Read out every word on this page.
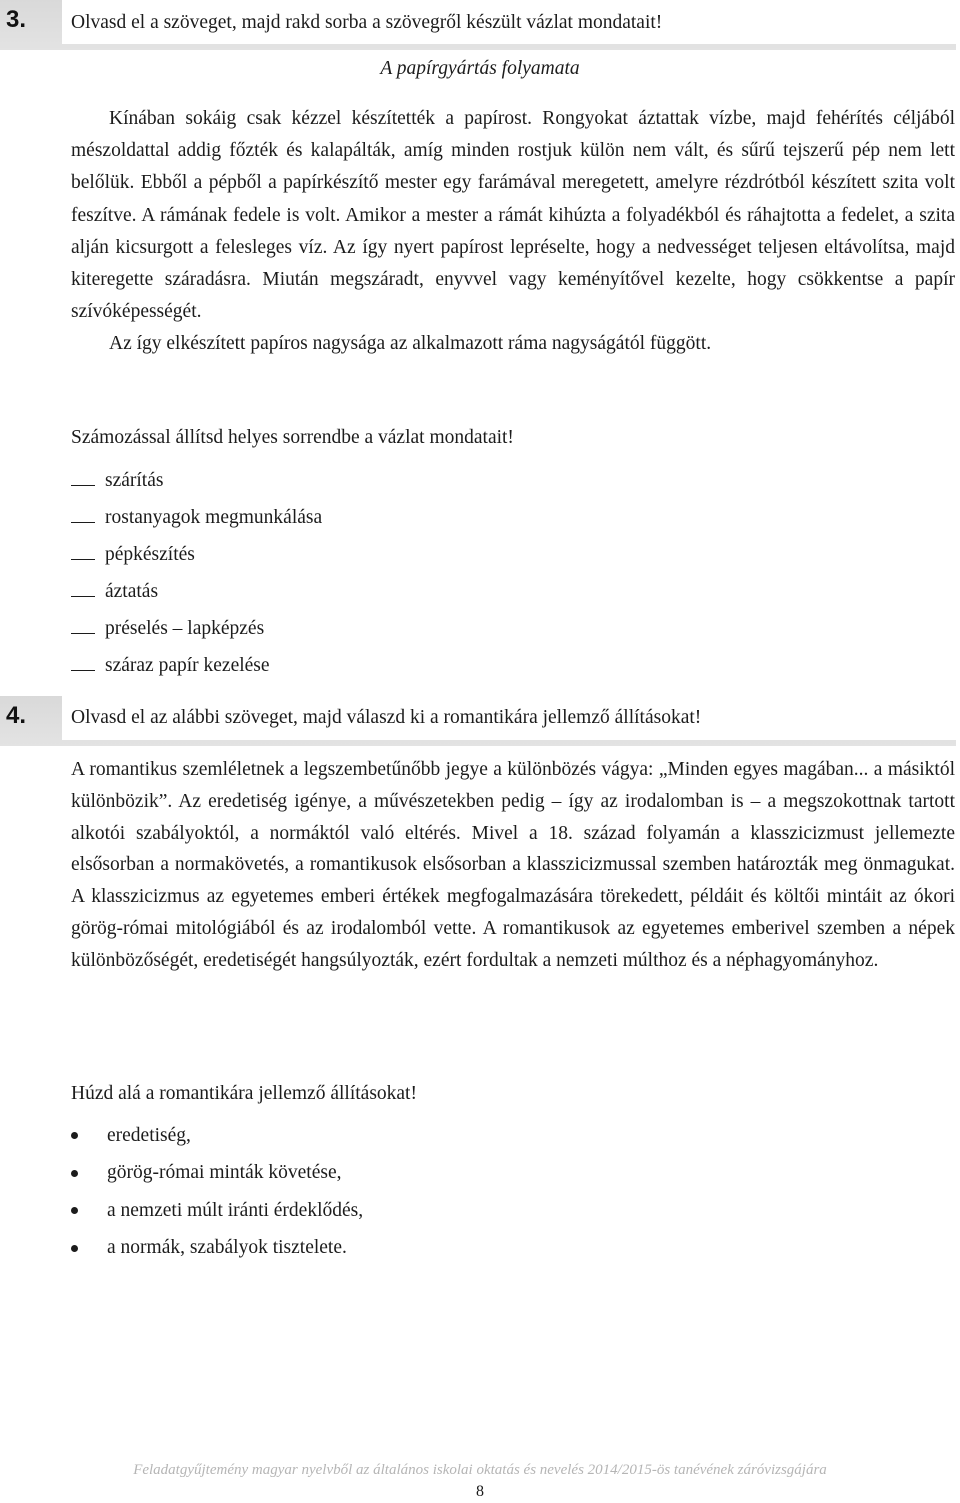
3. Olvasd el a szöveget, majd rakd sorba a szövegről készült vázlat mondatait!
A papírgyártás folyamata

Kínában sokáig csak kézzel készítették a papírost. Rongyokat áztattak vízbe, majd fehérítés céljából mészoldattal addig főzték és kalapálták, amíg minden rostjuk külön nem vált, és sűrű tejszerű pép nem lett belőlük. Ebből a pépből a papírkészítő mester egy farámával meregetett, amelyre rézdrótból készített szita volt feszítve. A rámának fedele is volt. Amikor a mester a rámát kihúzta a folyadékból és ráhajtotta a fedelet, a szita alján kicsurgott a felesleges víz. Az így nyert papírost lepréselte, hogy a nedvességet teljesen eltávolítsa, majd kiteregette száradásra. Miután megszáradt, enyvvel vagy keményítővel kezelte, hogy csökkentse a papír szívóképességét.

Az így elkészített papíros nagysága az alkalmazott ráma nagyságától függött.

Számozással állítsd helyes sorrendbe a vázlat mondatait!
szárítás
rostanyagok megmunkálása
pépkészítés
áztatás
préselés – lapképzés
száraz papír kezelése
4. Olvasd el az alábbi szöveget, majd válaszd ki a romantikára jellemző állításokat!

A romantikus szemléletnek a legszembetűnőbb jegye a különbözés vágya: „Minden egyes magában... a másiktól különbözik”. Az eredetiség igénye, a művészetekben pedig – így az irodalomban is – a megszokottnak tartott alkotói szabályoktól, a normáktól való eltérés. Mivel a 18. század folyamán a klasszicizmust jellemezte elsősorban a normakövetés, a romantikusok elsősorban a klasszicizmussal szemben határozták meg önmagukat. A klasszicizmus az egyetemes emberi értékek megfogalmazására törekedett, példáit és költői mintáit az ókori görög-római mitológiából és az irodalomból vette. A romantikusok az egyetemes emberivel szemben a népek különbözőségét, eredetiségét hangsúlyozták, ezért fordultak a nemzeti múlthoz és a néphagyományhoz.

Húzd alá a romantikára jellemző állításokat!
eredetiség,
görög-római minták követése,
a nemzeti múlt iránti érdeklődés,
a normák, szabályok tisztelete.
Feladatgyűjtemény magyar nyelvből az általános iskolai oktatás és nevelés 2014/2015-ös tanévének záróvizsgájára
8
